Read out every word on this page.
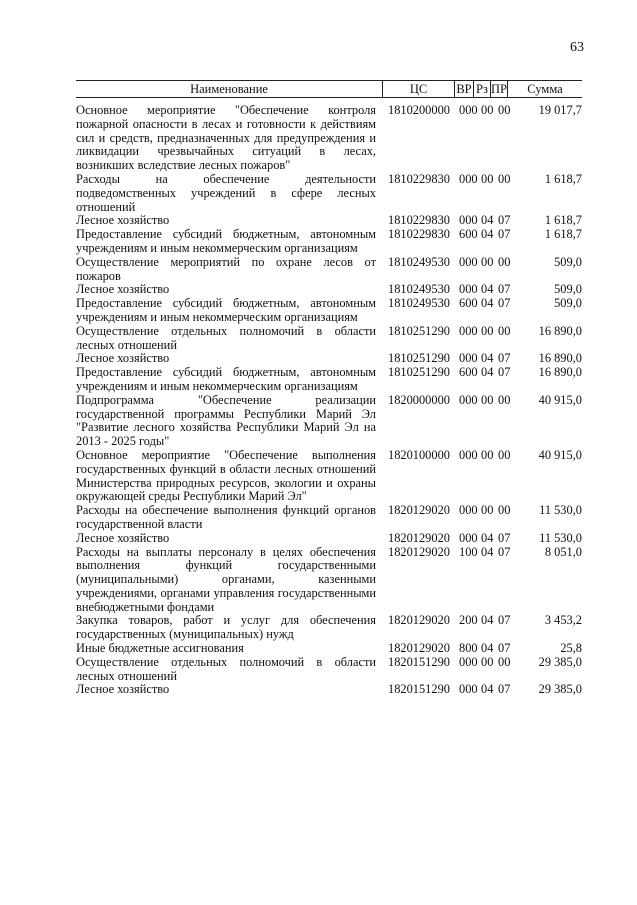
63
Наименование	ЦС	ВР Рз ПР	Сумма
Основное мероприятие "Обеспечение контроля пожарной опасности в лесах и готовности к действиям сил и средств, предназначенных для предупреждения и ликвидации чрезвычайных ситуаций в лесах, возникших вследствие лесных пожаров"
1810200000 000 00 00	19 017,7
Расходы на обеспечение деятельности подведомственных учреждений в сфере лесных отношений
1810229830 000 00 00	1 618,7
Лесное хозяйство	1810229830 000 04 07	1 618,7
Предоставление субсидий бюджетным, автономным учреждениям и иным некоммерческим организациям
1810229830 600 04 07	1 618,7
Осуществление мероприятий по охране лесов от пожаров
1810249530 000 00 00	509,0
Лесное хозяйство	1810249530 000 04 07	509,0
Предоставление субсидий бюджетным, автономным учреждениям и иным некоммерческим организациям
1810249530 600 04 07	509,0
Осуществление отдельных полномочий в области лесных отношений
1810251290 000 00 00	16 890,0
Лесное хозяйство	1810251290 000 04 07	16 890,0
Предоставление субсидий бюджетным, автономным учреждениям и иным некоммерческим организациям
1810251290 600 04 07	16 890,0
Подпрограмма "Обеспечение реализации государственной программы Республики Марий Эл "Развитие лесного хозяйства Республики Марий Эл на 2013 - 2025 годы"
1820000000 000 00 00	40 915,0
Основное мероприятие "Обеспечение выполнения государственных функций в области лесных отношений Министерства природных ресурсов, экологии и охраны окружающей среды Республики Марий Эл"
1820100000 000 00 00	40 915,0
Расходы на обеспечение выполнения функций органов государственной власти
1820129020 000 00 00	11 530,0
Лесное хозяйство	1820129020 000 04 07	11 530,0
Расходы на выплаты персоналу в целях обеспечения выполнения функций государственными (муниципальными) органами, казенными учреждениями, органами управления государственными внебюджетными фондами
1820129020 100 04 07	8 051,0
Закупка товаров, работ и услуг для обеспечения государственных (муниципальных) нужд
1820129020 200 04 07	3 453,2
Иные бюджетные ассигнования	1820129020 800 04 07	25,8
Осуществление отдельных полномочий в области лесных отношений
1820151290 000 00 00	29 385,0
Лесное хозяйство	1820151290 000 04 07	29 385,0
